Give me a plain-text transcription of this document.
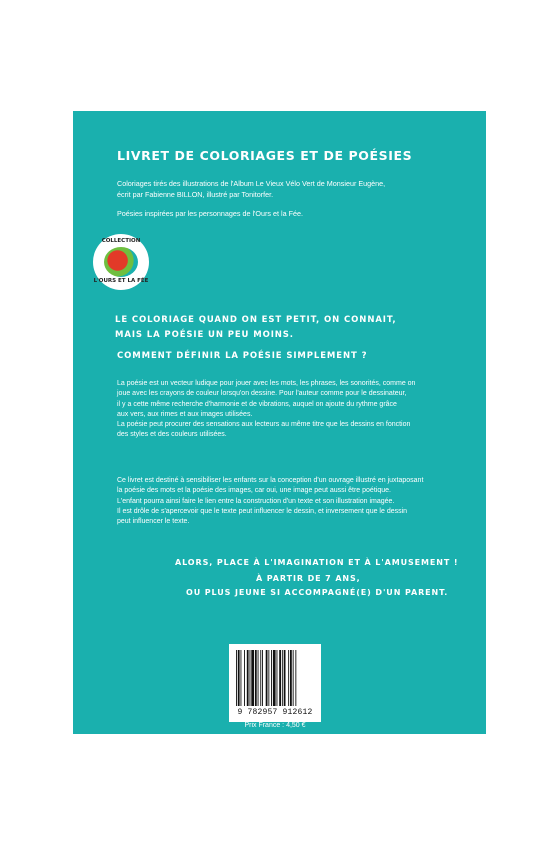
LIVRET DE COLORIAGES ET DE POÉSIES
Coloriages tirés des illustrations de l'Album Le Vieux Vélo Vert de Monsieur Eugène,
écrit par Fabienne BILLON, illustré par Tonitorfer.
Poésies inspirées par les personnages de l'Ours et la Fée.
COLLECTION
L'OURS ET LA FÉE
LE COLORIAGE QUAND ON EST PETIT, ON CONNAIT,
MAIS LA POÉSIE UN PEU MOINS.
COMMENT DÉFINIR LA POÉSIE SIMPLEMENT ?

La poésie est un vecteur ludique pour jouer avec les mots, les phrases, les sonorités, comme on

joue avec les crayons de couleur lorsqu'on dessine. Pour l'auteur comme pour le dessinateur,

il y a cette même recherche d'harmonie et de vibrations, auquel on ajoute du rythme grâce

aux vers, aux rimes et aux images utilisées.

La poésie peut procurer des sensations aux lecteurs au même titre que les dessins en fonction

des styles et des couleurs utilisées.

Ce livret est destiné à sensibiliser les enfants sur la conception d'un ouvrage illustré en juxtaposant

la poésie des mots et la poésie des images, car oui, une image peut aussi être poétique.

L'enfant pourra ainsi faire le lien entre la construction d'un texte et son illustration imagée.

Il est drôle de s'apercevoir que le texte peut influencer le dessin, et inversement que le dessin

peut influencer le texte.

ALORS, PLACE À L'IMAGINATION ET À L'AMUSEMENT !
À PARTIR DE 7 ANS,
OU PLUS JEUNE SI ACCOMPAGNÉ(E) D'UN PARENT.
9 782957 912612
Prix France : 4,50 €
